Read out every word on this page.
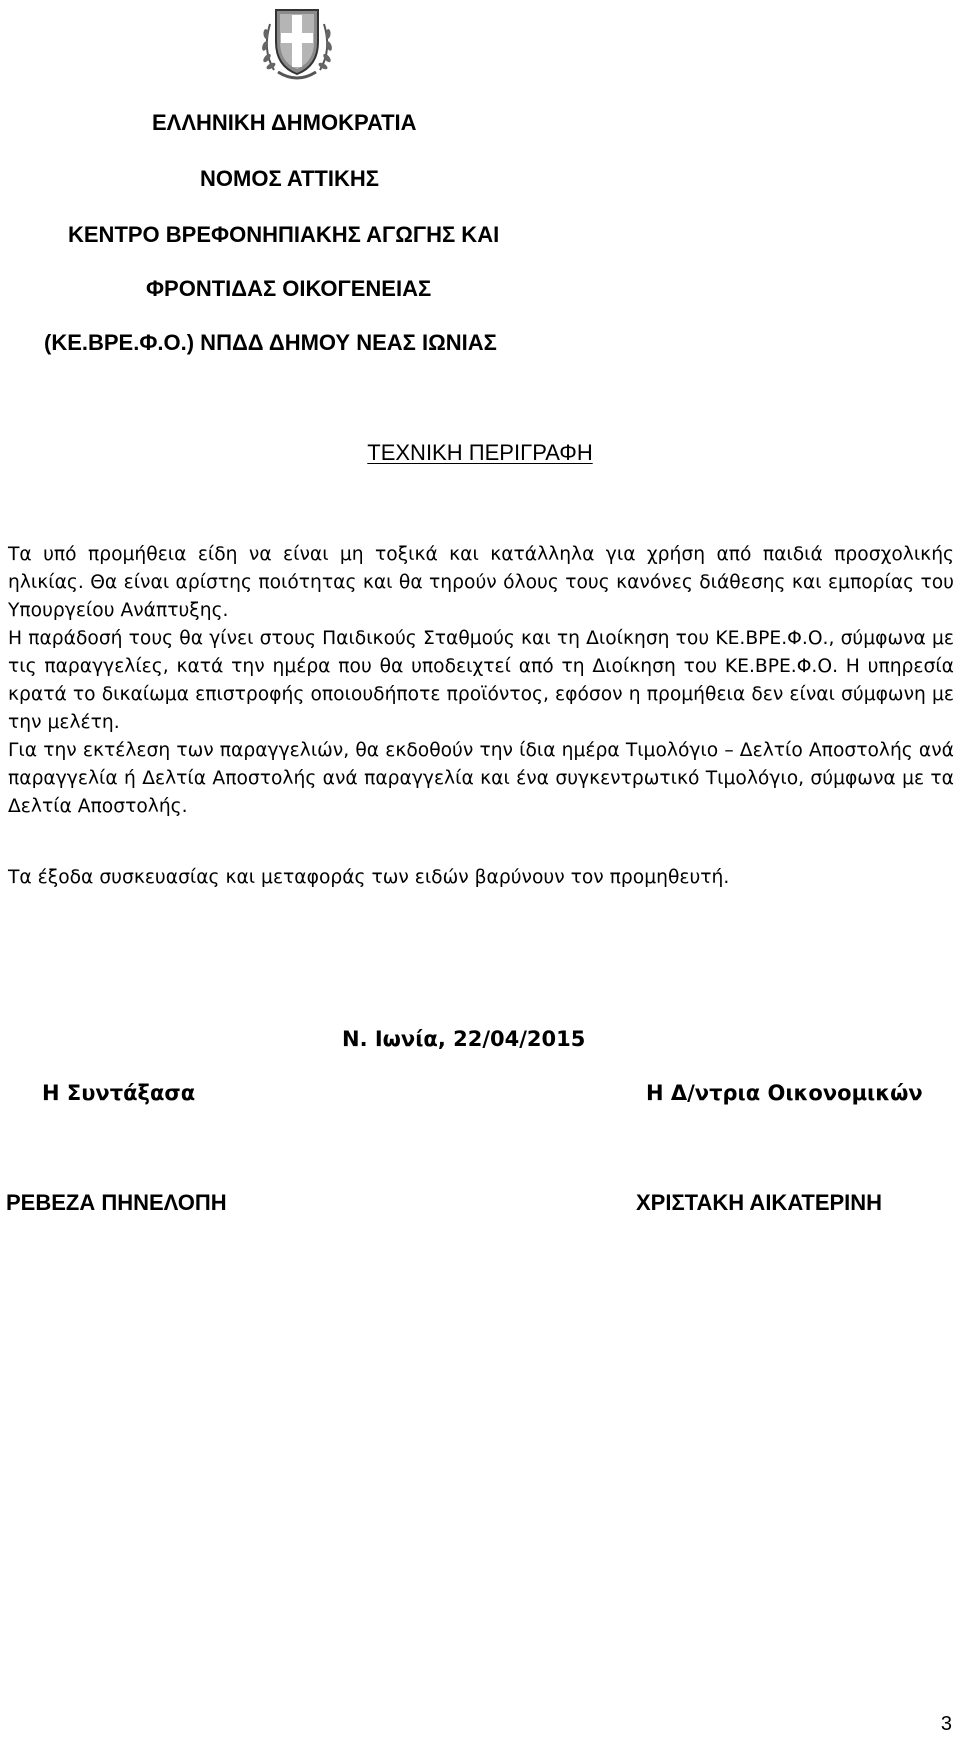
ΕΛΛΗΝΙΚΗ ΔΗΜΟΚΡΑΤΙΑ
ΝΟΜΟΣ ΑΤΤΙΚΗΣ
ΚΕΝΤΡΟ ΒΡΕΦΟΝΗΠΙΑΚΗΣ ΑΓΩΓΗΣ ΚΑΙ
ΦΡΟΝΤΙΔΑΣ ΟΙΚΟΓΕΝΕΙΑΣ
(ΚΕ.ΒΡΕ.Φ.Ο.) ΝΠΔΔ ΔΗΜΟΥ ΝΕΑΣ ΙΩΝΙΑΣ
ΤΕΧΝΙΚΗ ΠΕΡΙΓΡΑΦΗ
Τα υπό προμήθεια είδη να είναι μη τοξικά και κατάλληλα για χρήση από παιδιά προσχολικής ηλικίας. Θα είναι αρίστης ποιότητας και θα τηρούν όλους τους κανόνες διάθεσης και εμπορίας του Υπουργείου Ανάπτυξης.
Η παράδοσή τους θα γίνει στους Παιδικούς Σταθμούς και τη Διοίκηση του ΚΕ.ΒΡΕ.Φ.Ο., σύμφωνα με τις παραγγελίες, κατά την ημέρα που θα υποδειχτεί από τη Διοίκηση του ΚΕ.ΒΡΕ.Φ.Ο. Η υπηρεσία κρατά το δικαίωμα επιστροφής οποιουδήποτε προϊόντος, εφόσον η προμήθεια δεν είναι σύμφωνη με την μελέτη.
Για την εκτέλεση των παραγγελιών, θα εκδοθούν την ίδια ημέρα Τιμολόγιο – Δελτίο Αποστολής ανά παραγγελία ή Δελτία Αποστολής ανά παραγγελία και ένα συγκεντρωτικό Τιμολόγιο, σύμφωνα με τα Δελτία Αποστολής.
Τα έξοδα συσκευασίας και μεταφοράς των ειδών βαρύνουν τον προμηθευτή.
Ν. Ιωνία, 22/04/2015
Η Συντάξασα	Η Δ/ντρια Οικονομικών
ΡΕΒΕΖΑ ΠΗΝΕΛΟΠΗ	ΧΡΙΣΤΑΚΗ ΑΙΚΑΤΕΡΙΝΗ
3
